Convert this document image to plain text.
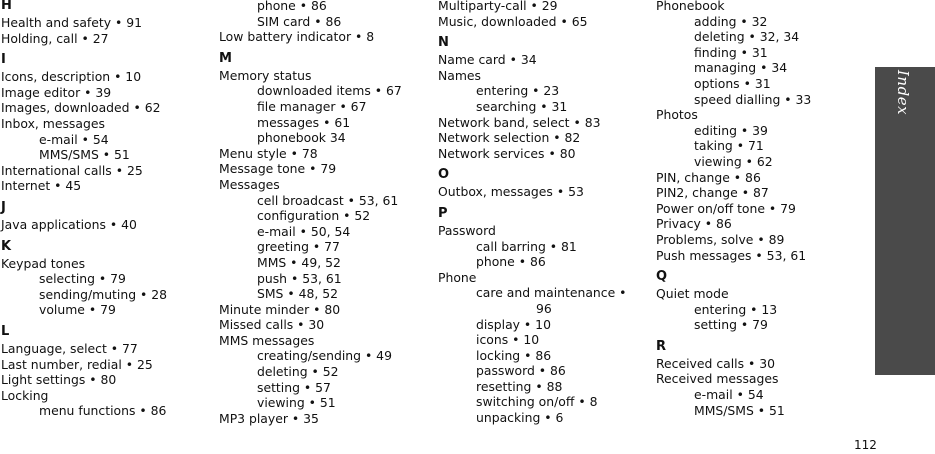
H
Health and safety • 91
Holding, call • 27
I
Icons, description • 10
Image editor • 39
Images, downloaded • 62
Inbox, messages
e-mail • 54
MMS/SMS • 51
International calls • 25
Internet • 45
J
Java applications • 40
K
Keypad tones
selecting • 79
sending/muting • 28
volume • 79
L
Language, select • 77
Last number, redial • 25
Light settings • 80
Locking
menu functions • 86
phone • 86
SIM card • 86
Low battery indicator • 8
M
Memory status
downloaded items • 67
file manager • 67
messages • 61
phonebook 34
Menu style • 78
Message tone • 79
Messages
cell broadcast • 53, 61
configuration • 52
e-mail • 50, 54
greeting • 77
MMS • 49, 52
push • 53, 61
SMS • 48, 52
Minute minder • 80
Missed calls • 30
MMS messages
creating/sending • 49
deleting • 52
setting • 57
viewing • 51
MP3 player • 35
Multiparty-call • 29
Music, downloaded • 65
N
Name card • 34
Names
entering • 23
searching • 31
Network band, select • 83
Network selection • 82
Network services • 80
O
Outbox, messages • 53
P
Password
call barring • 81
phone • 86
Phone
care and maintenance •
96
display • 10
icons • 10
locking • 86
password • 86
resetting • 88
switching on/off • 8
unpacking • 6
Phonebook
adding • 32
deleting • 32, 34
finding • 31
managing • 34
options • 31
speed dialling • 33
Photos
editing • 39
taking • 71
viewing • 62
PIN, change • 86
PIN2, change • 87
Power on/off tone • 79
Privacy • 86
Problems, solve • 89
Push messages • 53, 61
Q
Quiet mode
entering • 13
setting • 79
R
Received calls • 30
Received messages
e-mail • 54
MMS/SMS • 51
Index
112
